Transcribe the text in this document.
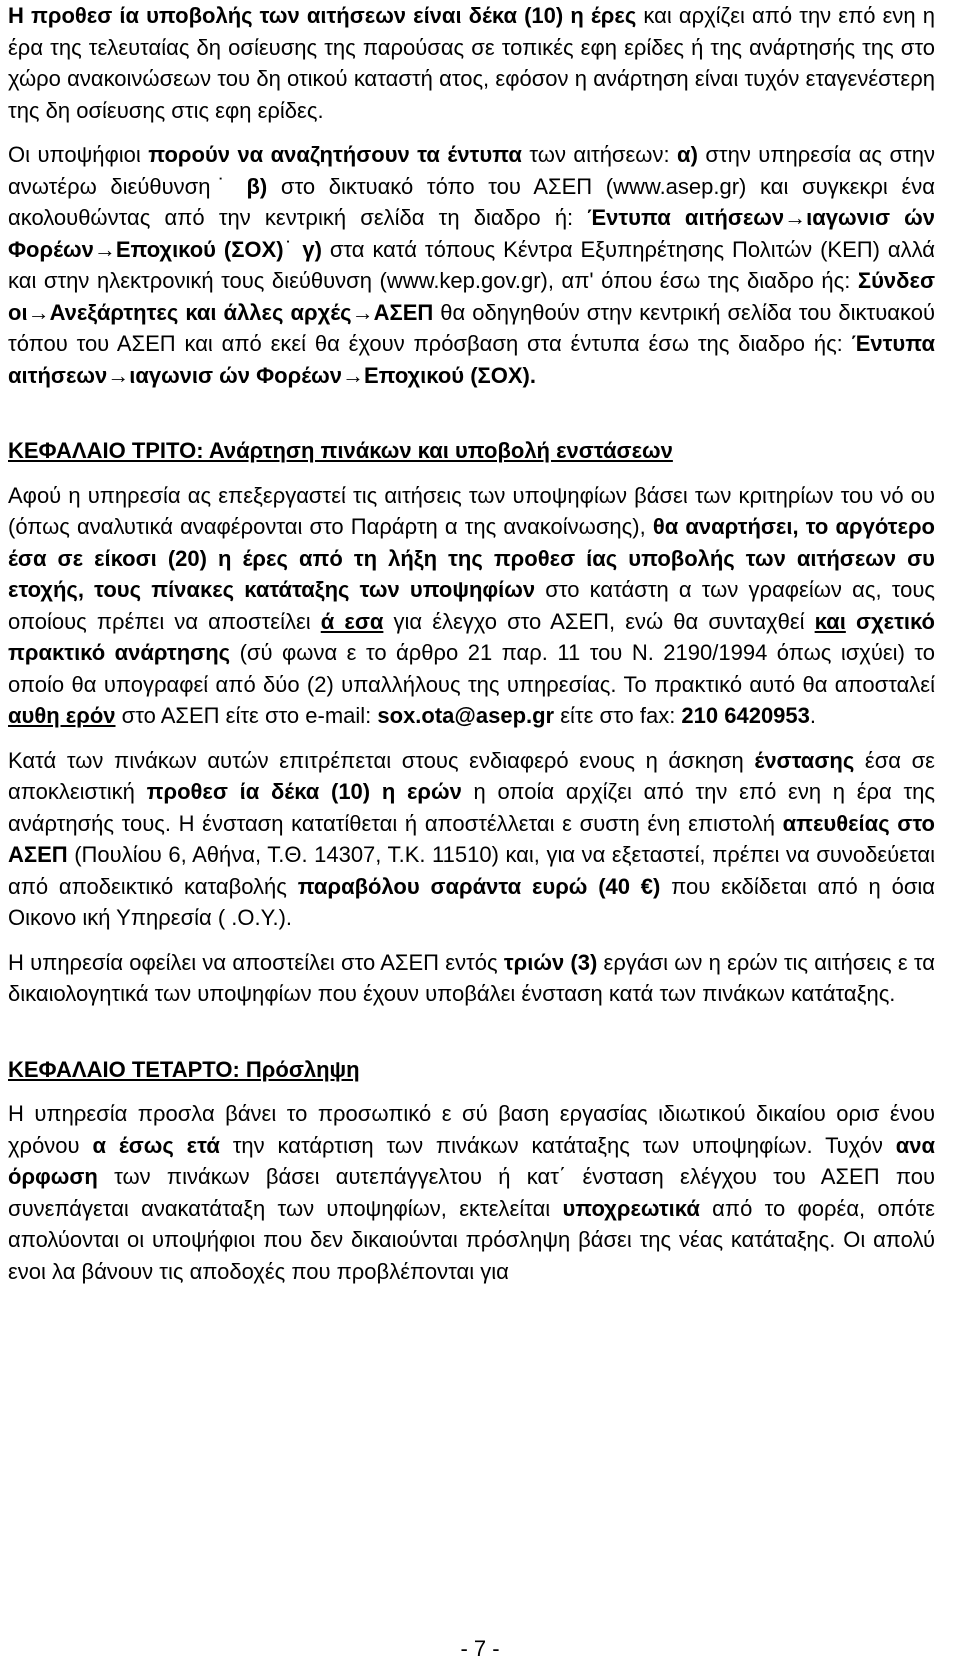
Η προθεσ ία υποβολής των αιτήσεων είναι δέκα (10) η έρες και αρχίζει από την επό ενη η έρα της τελευταίας δη οσίευσης της παρούσας σε τοπικές εφη ερίδες ή της ανάρτησής της στο χώρο ανακοινώσεων του δη οτικού καταστή ατος, εφόσον η ανάρτηση είναι τυχόν εταγενέστερη της δη οσίευσης στις εφη ερίδες.

Οι υποψήφιοι πορούν να αναζητήσουν τα έντυπα των αιτήσεων: α) στην υπηρεσία ας στην ανωτέρω διεύθυνση˙ β) στο δικτυακό τόπο του ΑΣΕΠ (www.asep.gr) και συγκεκρι ένα ακολουθώντας από την κεντρική σελίδα τη διαδρο ή: Έντυπα αιτήσεων→ιαγωνισ ών Φορέων→Εποχικού (ΣΟΧ)˙ γ) στα κατά τόπους Κέντρα Εξυπηρέτησης Πολιτών (ΚΕΠ) αλλά και στην ηλεκτρονική τους διεύθυνση (www.kep.gov.gr), απ' όπου έσω της διαδρο ής: Σύνδεσ οι→Ανεξάρτητες και άλλες αρχές→ΑΣΕΠ θα οδηγηθούν στην κεντρική σελίδα του δικτυακού τόπου του ΑΣΕΠ και από εκεί θα έχουν πρόσβαση στα έντυπα έσω της διαδρο ής: Έντυπα αιτήσεων→ιαγωνισ ών Φορέων→Εποχικού (ΣΟΧ).

ΚΕΦΑΛΑΙΟ ΤΡΙΤΟ: Ανάρτηση πινάκων και υποβολή ενστάσεων

Αφού η υπηρεσία ας επεξεργαστεί τις αιτήσεις των υποψηφίων βάσει των κριτηρίων του νό ου (όπως αναλυτικά αναφέρονται στο Παράρτη α της ανακοίνωσης), θα αναρτήσει, το αργότερο έσα σε είκοσι (20) η έρες από τη λήξη της προθεσ ίας υποβολής των αιτήσεων συ ετοχής, τους πίνακες κατάταξης των υποψηφίων στο κατάστη α των γραφείων ας, τους οποίους πρέπει να αποστείλει ά εσα για έλεγχο στο ΑΣΕΠ, ενώ θα συνταχθεί και σχετικό πρακτικό ανάρτησης (σύ φωνα ε το άρθρο 21 παρ. 11 του Ν. 2190/1994 όπως ισχύει) το οποίο θα υπογραφεί από δύο (2) υπαλλήλους της υπηρεσίας. Το πρακτικό αυτό θα αποσταλεί αυθη ερόν στο ΑΣΕΠ είτε στο e-mail: sox.ota@asep.gr είτε στο fax: 210 6420953.

Κατά των πινάκων αυτών επιτρέπεται στους ενδιαφερό ενους η άσκηση ένστασης έσα σε αποκλειστική προθεσ ία δέκα (10) η ερών η οποία αρχίζει από την επό ενη η έρα της ανάρτησής τους. Η ένσταση κατατίθεται ή αποστέλλεται ε συστη ένη επιστολή απευθείας στο ΑΣΕΠ (Πουλίου 6, Αθήνα, Τ.Θ. 14307, Τ.Κ. 11510) και, για να εξεταστεί, πρέπει να συνοδεύεται από αποδεικτικό καταβολής παραβόλου σαράντα ευρώ (40 €) που εκδίδεται από η όσια Οικονο ική Υπηρεσία ( .Ο.Υ.).

Η υπηρεσία οφείλει να αποστείλει στο ΑΣΕΠ εντός τριών (3) εργάσι ων η ερών τις αιτήσεις ε τα δικαιολογητικά των υποψηφίων που έχουν υποβάλει ένσταση κατά των πινάκων κατάταξης.

ΚΕΦΑΛΑΙΟ ΤΕΤΑΡΤΟ: Πρόσληψη

Η υπηρεσία προσλα βάνει το προσωπικό ε σύ βαση εργασίας ιδιωτικού δικαίου ορισ ένου χρόνου α έσως ετά την κατάρτιση των πινάκων κατάταξης των υποψηφίων. Τυχόν ανα όρφωση των πινάκων βάσει αυτεπάγγελτου ή κατ΄ ένσταση ελέγχου του ΑΣΕΠ που συνεπάγεται ανακατάταξη των υποψηφίων, εκτελείται υποχρεωτικά από το φορέα, οπότε απολύονται οι υποψήφιοι που δεν δικαιούνται πρόσληψη βάσει της νέας κατάταξης. Οι απολύ ενοι λα βάνουν τις αποδοχές που προβλέπονται για

- 7 -
